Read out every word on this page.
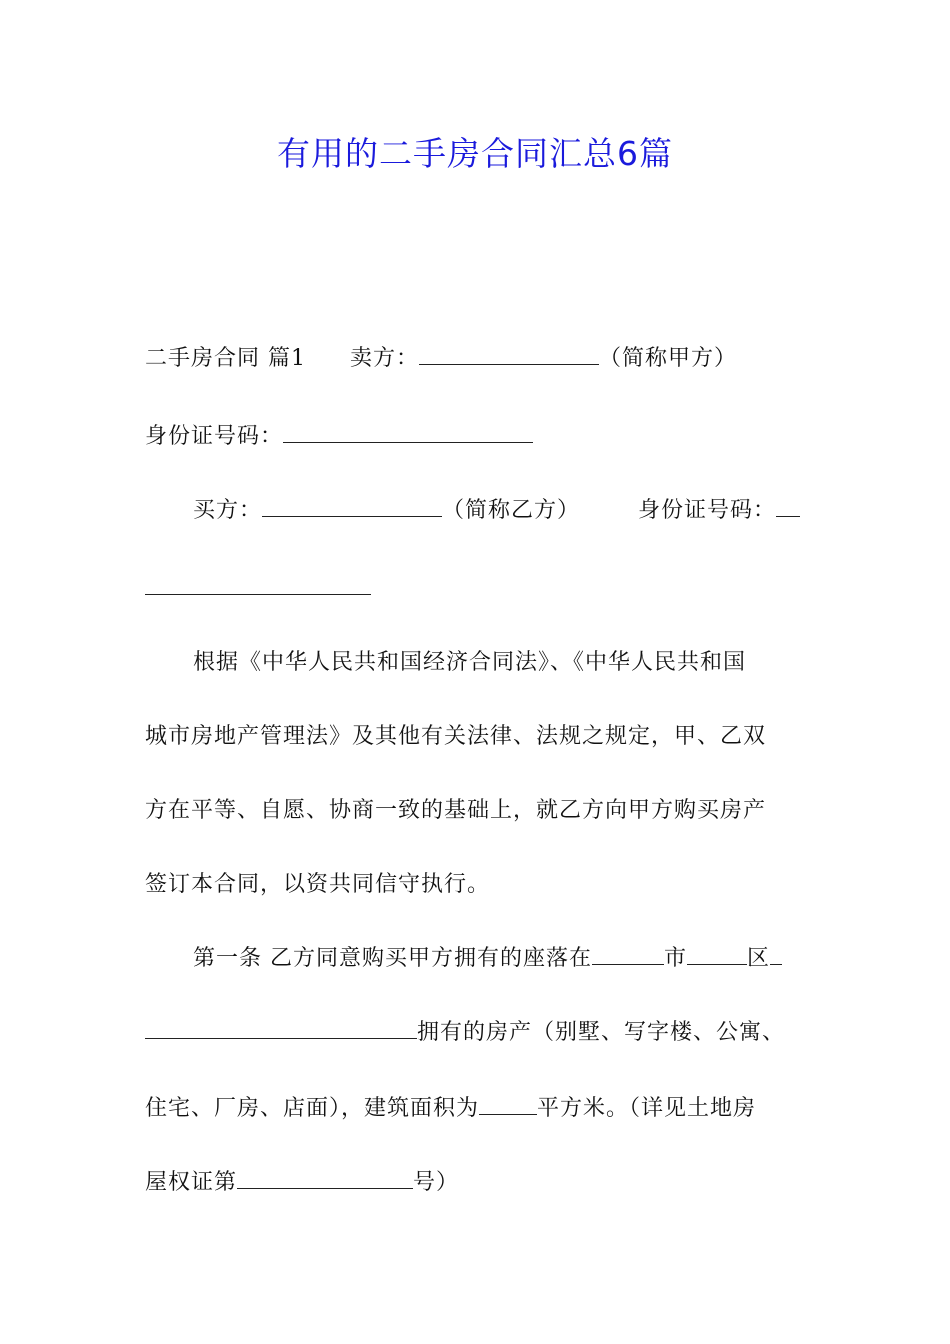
有用的二手房合同汇总6篇
二手房合同 篇1 卖方：	（简称甲方）
身份证号码：
买方：	（简称乙方）	身份证号码：
根据《中华人民共和国经济合同法》、《中华人民共和国
城市房地产管理法》及其他有关法律、法规之规定，甲、乙双
方在平等、自愿、协商一致的基础上，就乙方向甲方购买房产
签订本合同，以资共同信守执行。
第一条 乙方同意购买甲方拥有的座落在	市	区
拥有的房产（别墅、写字楼、公寓、
住宅、厂房、店面），建筑面积为	平方米。（详见土地房
屋权证第	号）
